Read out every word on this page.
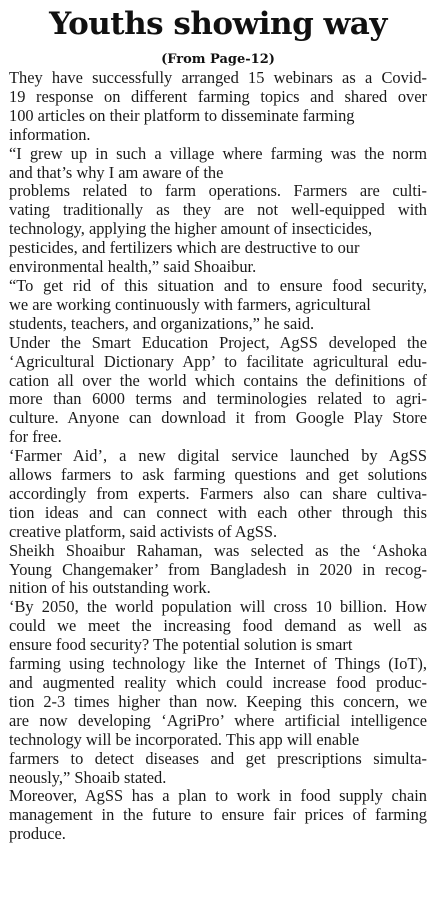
Youths showing way
(From Page-12)

They have successfully arranged 15 webinars as a Covid-
19 response on different farming topics and shared over
100 articles on their platform to disseminate farming
information.

“I grew up in such a village where farming was the norm
and that’s why I am aware of the
problems related to farm operations. Farmers are culti-
vating traditionally as they are not well-equipped with
technology, applying the higher amount of insecticides,
pesticides, and fertilizers which are destructive to our
environmental health,” said Shoaibur.

“To get rid of this situation and to ensure food security,
we are working continuously with farmers, agricultural
students, teachers, and organizations,” he said.

Under the Smart Education Project, AgSS developed the
‘Agricultural Dictionary App’ to facilitate agricultural edu-
cation all over the world which contains the definitions of
more than 6000 terms and terminologies related to agri-
culture. Anyone can download it from Google Play Store
for free.

‘Farmer Aid’, a new digital service launched by AgSS
allows farmers to ask farming questions and get solutions
accordingly from experts. Farmers also can share cultiva-
tion ideas and can connect with each other through this
creative platform, said activists of AgSS.

Sheikh Shoaibur Rahaman, was selected as the ‘Ashoka
Young Changemaker’ from Bangladesh in 2020 in recog-
nition of his outstanding work.

‘By 2050, the world population will cross 10 billion. How
could we meet the increasing food demand as well as
ensure food security? The potential solution is smart
farming using technology like the Internet of Things (IoT),
and augmented reality which could increase food produc-
tion 2-3 times higher than now. Keeping this concern, we
are now developing ‘AgriPro’ where artificial intelligence
technology will be incorporated. This app will enable
farmers to detect diseases and get prescriptions simulta-
neously,” Shoaib stated.

Moreover, AgSS has a plan to work in food supply chain
management in the future to ensure fair prices of farming
produce.
